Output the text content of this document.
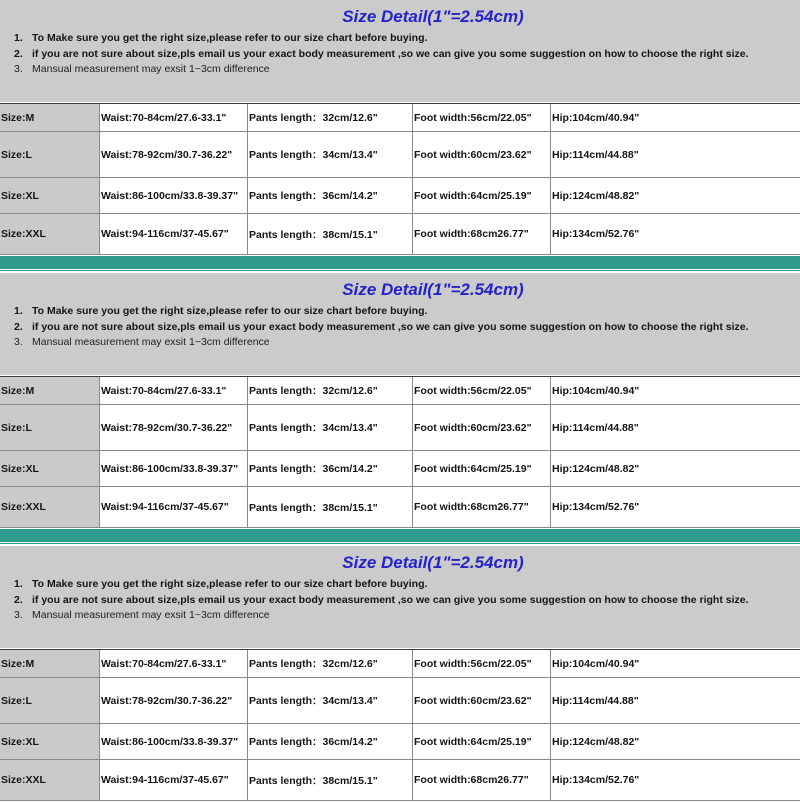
Size Detail(1"=2.54cm)
1. To Make sure you get the right size,please refer to our size chart before buying.
2. if you are not sure about size,pls email us your exact body measurement ,so we can give you some suggestion on how to choose the right size.
3. Mansual measurement may exsit 1~3cm difference
Size:M	Waist:70-84cm/27.6-33.1"	Pants length：32cm/12.6"	Foot width:56cm/22.05"	Hip:104cm/40.94"
Size:L	Waist:78-92cm/30.7-36.22"	Pants length：34cm/13.4"	Foot width:60cm/23.62"	Hip:114cm/44.88"
Size:XL	Waist:86-100cm/33.8-39.37"	Pants length：36cm/14.2"	Foot width:64cm/25.19"	Hip:124cm/48.82"
Size:XXL	Waist:94-116cm/37-45.67"	Pants length：38cm/15.1"	Foot width:68cm26.77"	Hip:134cm/52.76"
Size Detail(1"=2.54cm)
1. To Make sure you get the right size,please refer to our size chart before buying.
2. if you are not sure about size,pls email us your exact body measurement ,so we can give you some suggestion on how to choose the right size.
3. Mansual measurement may exsit 1~3cm difference
Size:M	Waist:70-84cm/27.6-33.1"	Pants length：32cm/12.6"	Foot width:56cm/22.05"	Hip:104cm/40.94"
Size:L	Waist:78-92cm/30.7-36.22"	Pants length：34cm/13.4"	Foot width:60cm/23.62"	Hip:114cm/44.88"
Size:XL	Waist:86-100cm/33.8-39.37"	Pants length：36cm/14.2"	Foot width:64cm/25.19"	Hip:124cm/48.82"
Size:XXL	Waist:94-116cm/37-45.67"	Pants length：38cm/15.1"	Foot width:68cm26.77"	Hip:134cm/52.76"
Size Detail(1"=2.54cm)
1. To Make sure you get the right size,please refer to our size chart before buying.
2. if you are not sure about size,pls email us your exact body measurement ,so we can give you some suggestion on how to choose the right size.
3. Mansual measurement may exsit 1~3cm difference
Size:M	Waist:70-84cm/27.6-33.1"	Pants length：32cm/12.6"	Foot width:56cm/22.05"	Hip:104cm/40.94"
Size:L	Waist:78-92cm/30.7-36.22"	Pants length：34cm/13.4"	Foot width:60cm/23.62"	Hip:114cm/44.88"
Size:XL	Waist:86-100cm/33.8-39.37"	Pants length：36cm/14.2"	Foot width:64cm/25.19"	Hip:124cm/48.82"
Size:XXL	Waist:94-116cm/37-45.67"	Pants length：38cm/15.1"	Foot width:68cm26.77"	Hip:134cm/52.76"
